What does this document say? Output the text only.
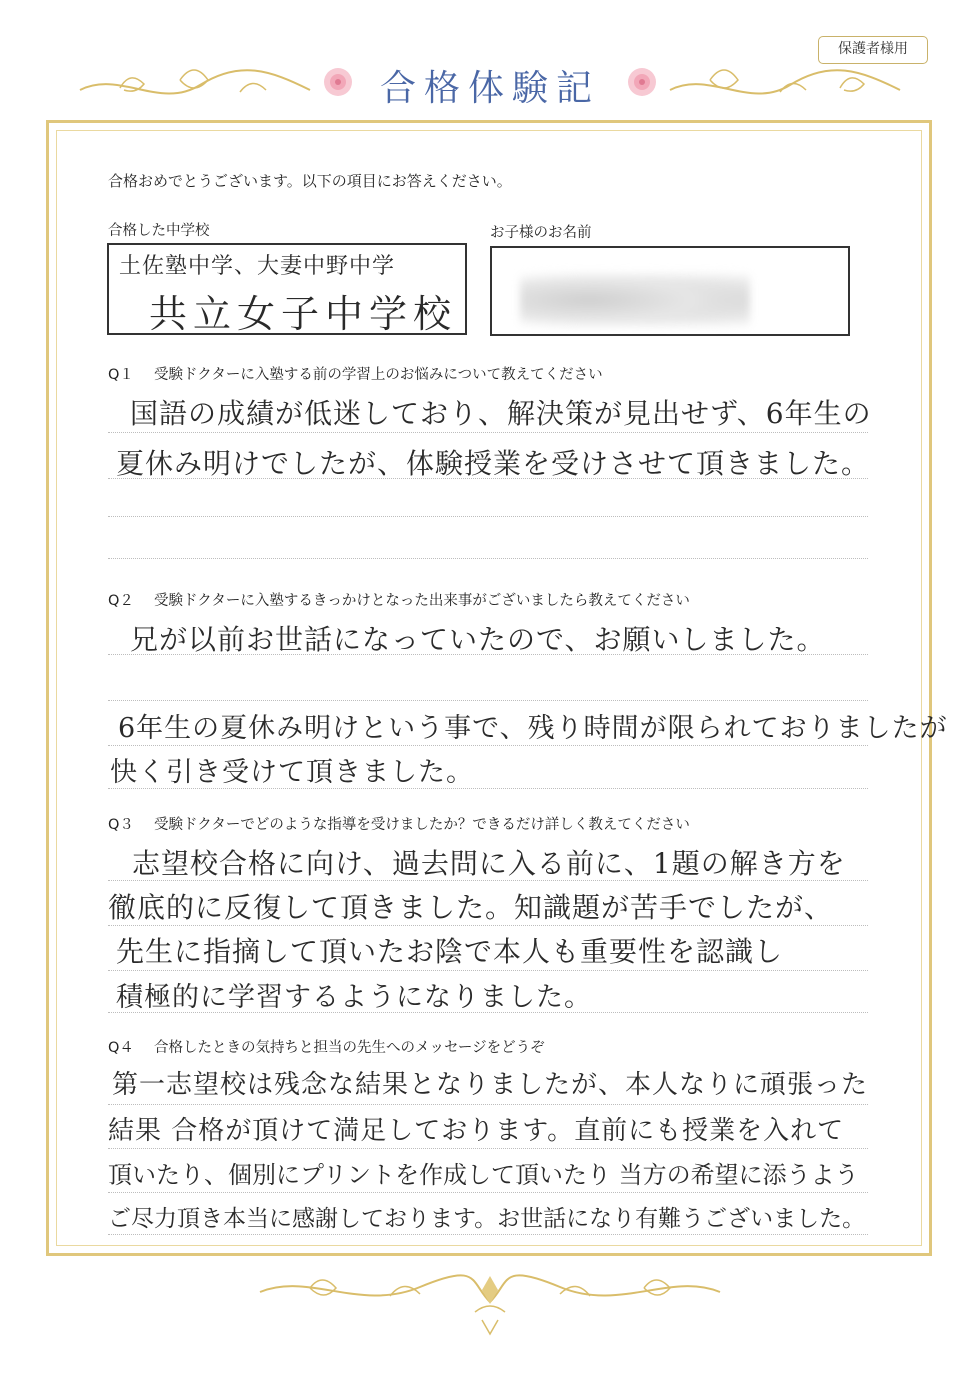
保護者様用
合格体験記
合格おめでとうございます。以下の項目にお答えください。
合格した中学校
土佐塾中学、大妻中野中学
共立女子中学校
お子様のお名前
Q１ 受験ドクターに入塾する前の学習上のお悩みについて教えてください
国語の成績が低迷しており、解決策が見出せず、6年生の
夏休み明けでしたが、体験授業を受けさせて頂きました。
Q２ 受験ドクターに入塾するきっかけとなった出来事がございましたら教えてください
兄が以前お世話になっていたので、お願いしました。
6年生の夏休み明けという事で、残り時間が限られておりましたが
快く引き受けて頂きました。
Q３ 受験ドクターでどのような指導を受けましたか？できるだけ詳しく教えてください
志望校合格に向け、過去問に入る前に、1題の解き方を
徹底的に反復して頂きました。知識題が苦手でしたが、
先生に指摘して頂いたお陰で本人も重要性を認識し
積極的に学習するようになりました。
Q４ 合格したときの気持ちと担当の先生へのメッセージをどうぞ
第一志望校は残念な結果となりましたが、本人なりに頑張った
結果 合格が頂けて満足しております。直前にも授業を入れて
頂いたり、個別にプリントを作成して頂いたり 当方の希望に添うよう
ご尽力頂き本当に感謝しております。お世話になり有難うございました。
